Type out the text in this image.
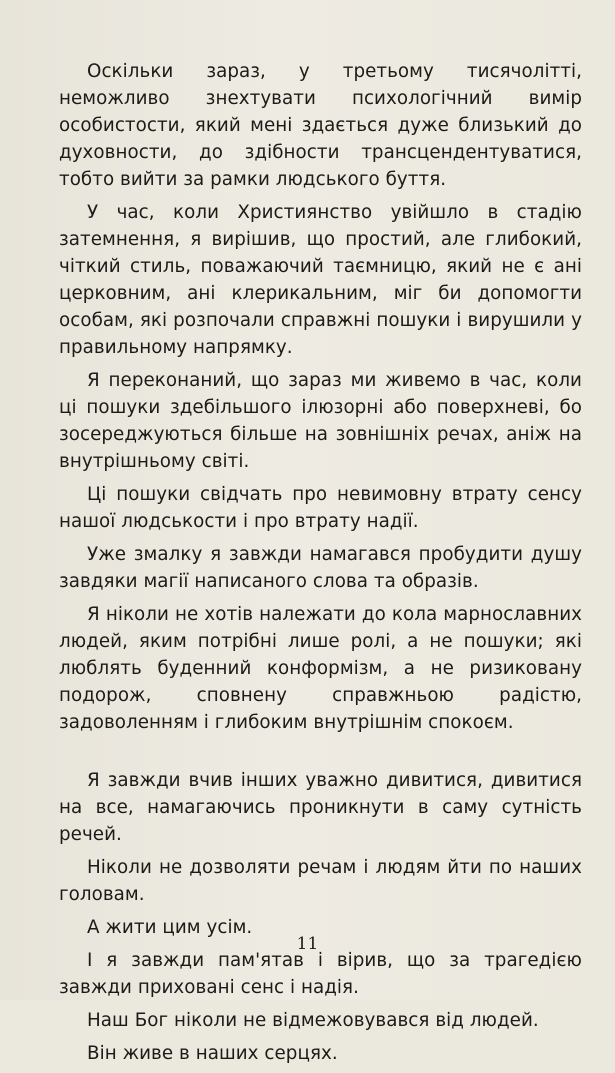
Оскільки зараз, у третьому тисячолітті, неможливо знехтувати психологічний вимір особистости, який мені здається дуже близький до духовности, до здібности трансцендентуватися, тобто вийти за рамки людського буття.

У час, коли Християнство увійшло в стадію затемнення, я вирішив, що простий, але глибокий, чіткий стиль, поважаючий таємницю, який не є ані церковним, ані клерикальним, міг би допомогти особам, які розпочали справжні пошуки і вирушили у правильному напрямку.

Я переконаний, що зараз ми живемо в час, коли ці пошуки здебільшого ілюзорні або поверхневі, бо зосереджуються більше на зовнішніх речах, аніж на внутрішньому світі.

Ці пошуки свідчать про невимовну втрату сенсу нашої людськости і про втрату надії.

Уже змалку я завжди намагався пробудити душу завдяки магії написаного слова та образів.

Я ніколи не хотів належати до кола марнославних людей, яким потрібні лише ролі, а не пошуки; які люблять буденний конформізм, а не ризиковану подорож, сповнену справжньою радістю, задоволенням і глибоким внутрішнім спокоєм.

Я завжди вчив інших уважно дивитися, дивитися на все, намагаючись проникнути в саму сутність речей.

Ніколи не дозволяти речам і людям йти по наших головам.

А жити цим усім.

І я завжди пам'ятав і вірив, що за трагедією завжди приховані сенс і надія.

Наш Бог ніколи не відмежовувався від людей.

Він живе в наших серцях.

11
